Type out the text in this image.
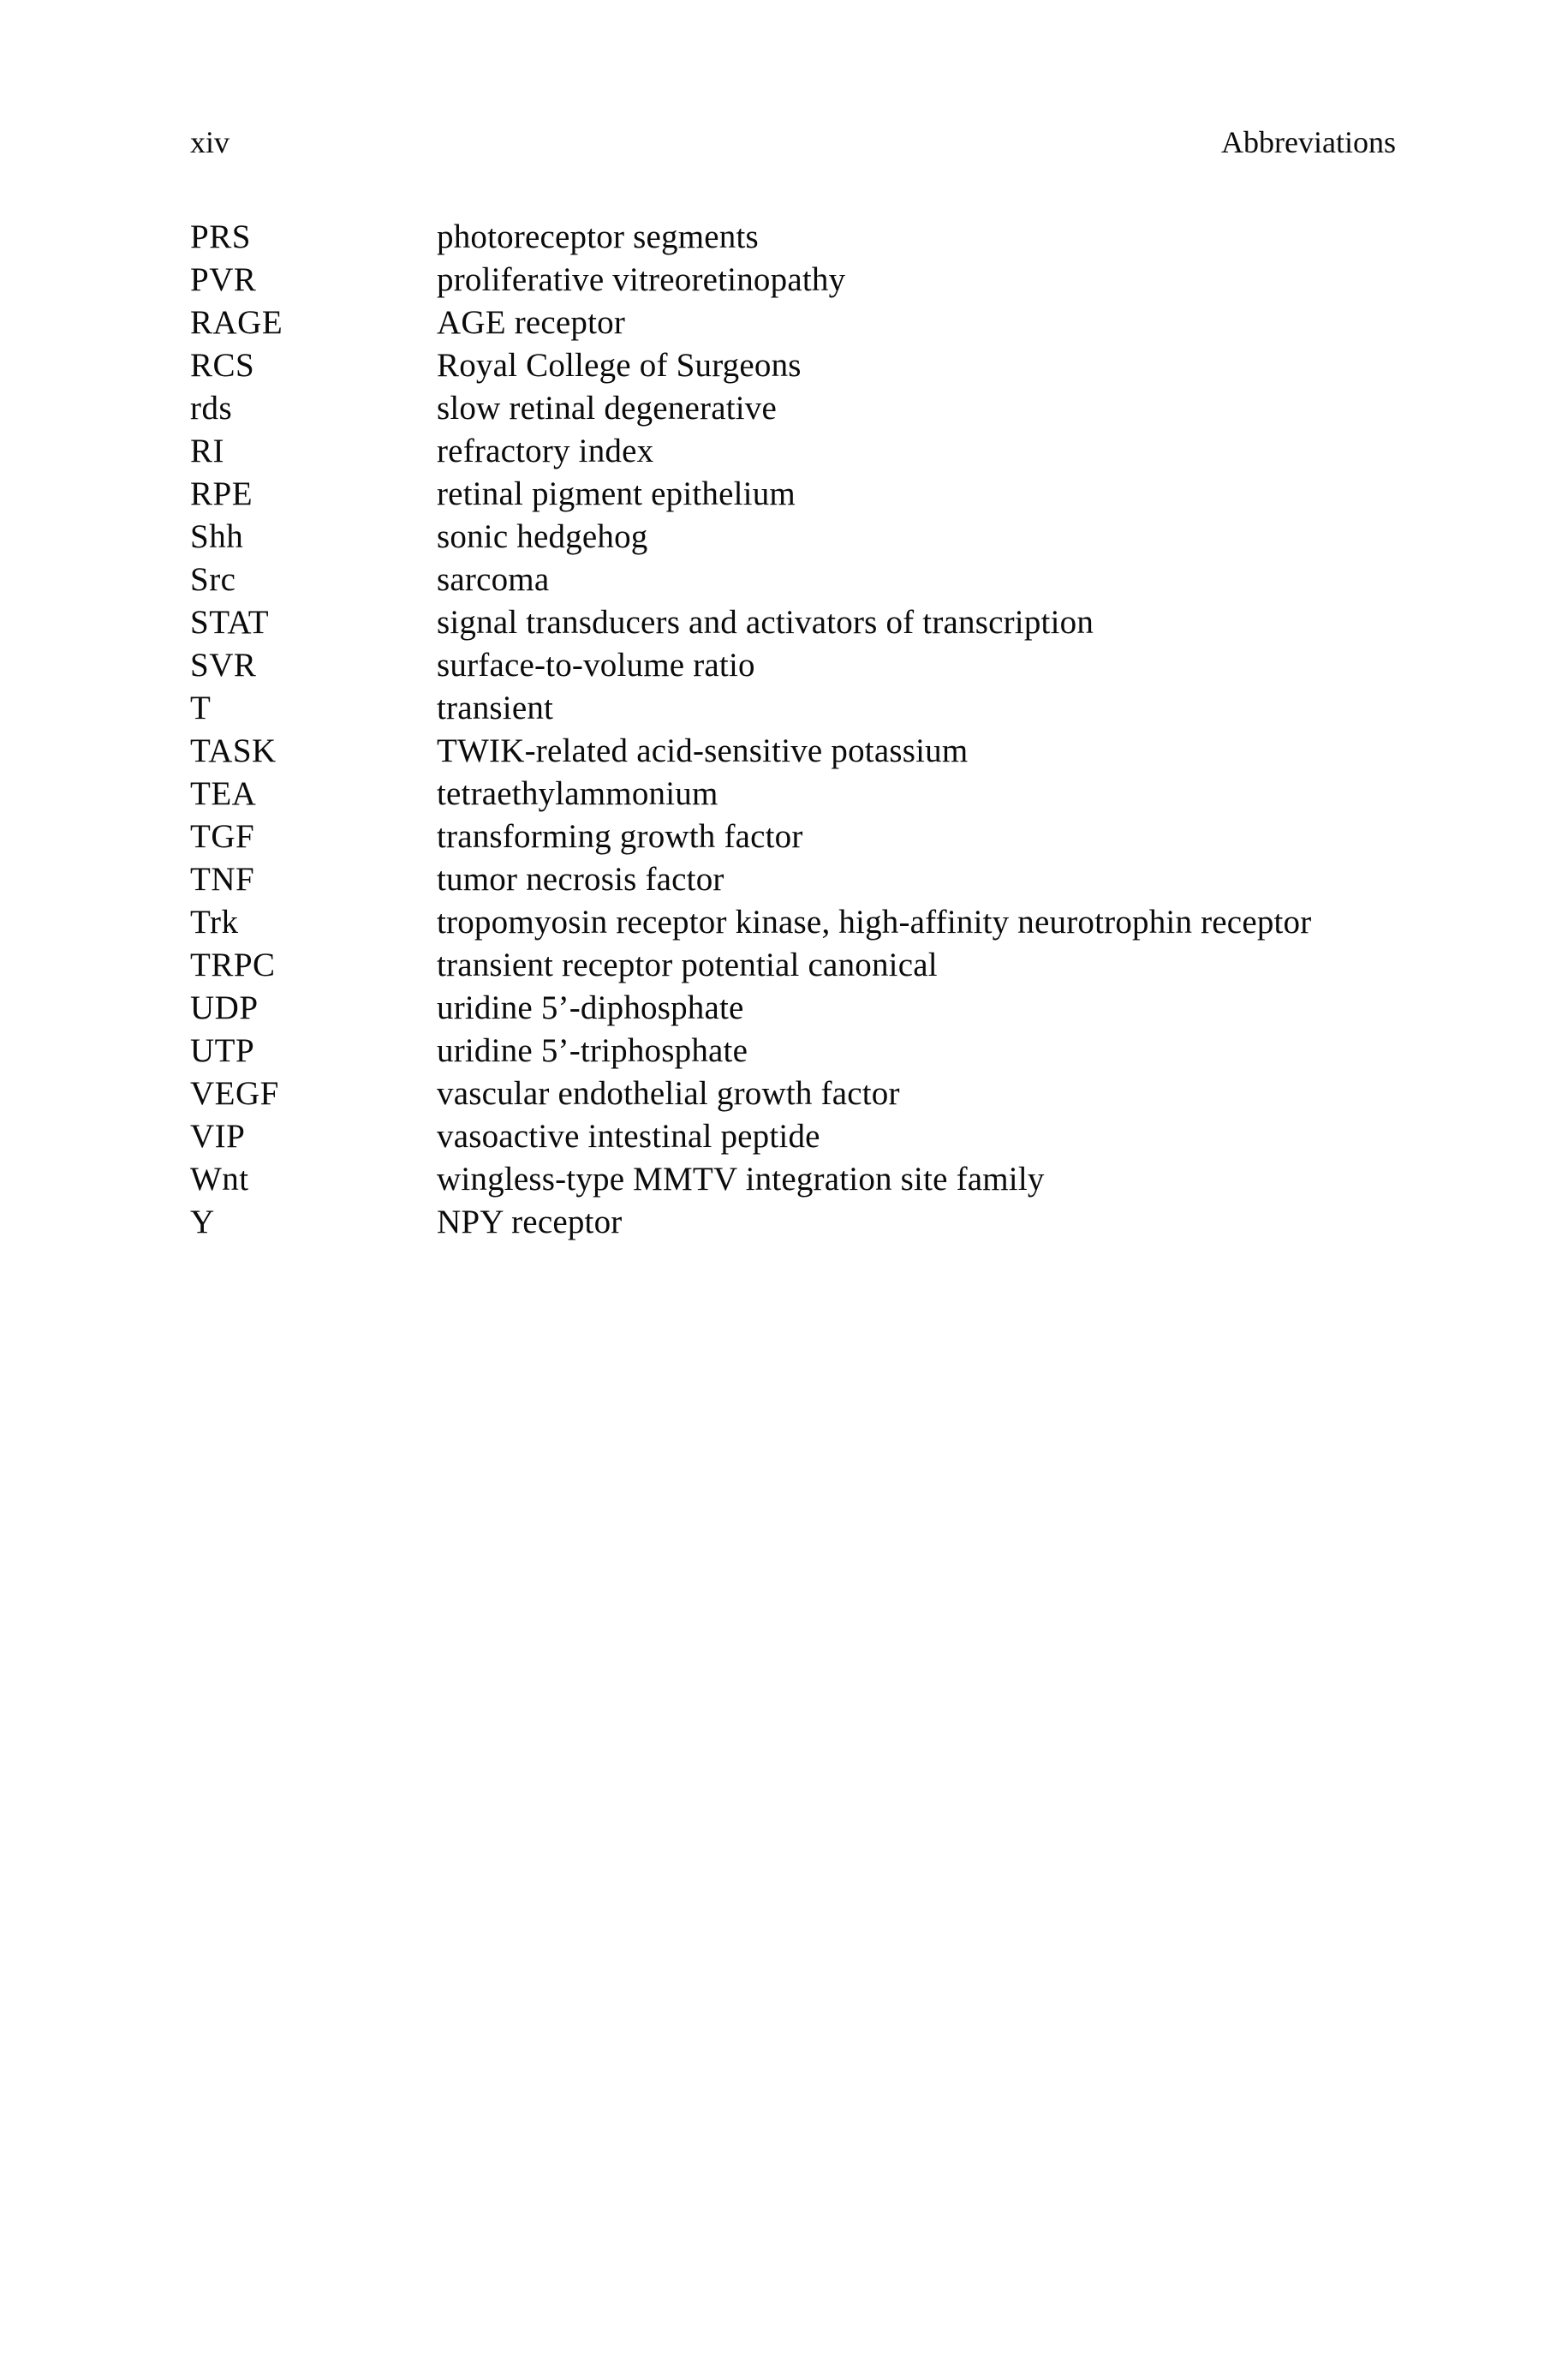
xiv	Abbreviations
PRS	photoreceptor segments
PVR	proliferative vitreoretinopathy
RAGE	AGE receptor
RCS	Royal College of Surgeons
rds	slow retinal degenerative
RI	refractory index
RPE	retinal pigment epithelium
Shh	sonic hedgehog
Src	sarcoma
STAT	signal transducers and activators of transcription
SVR	surface-to-volume ratio
T	transient
TASK	TWIK-related acid-sensitive potassium
TEA	tetraethylammonium
TGF	transforming growth factor
TNF	tumor necrosis factor
Trk	tropomyosin receptor kinase, high-affinity neurotrophin receptor
TRPC	transient receptor potential canonical
UDP	uridine 5’-diphosphate
UTP	uridine 5’-triphosphate
VEGF	vascular endothelial growth factor
VIP	vasoactive intestinal peptide
Wnt	wingless-type MMTV integration site family
Y	NPY receptor
